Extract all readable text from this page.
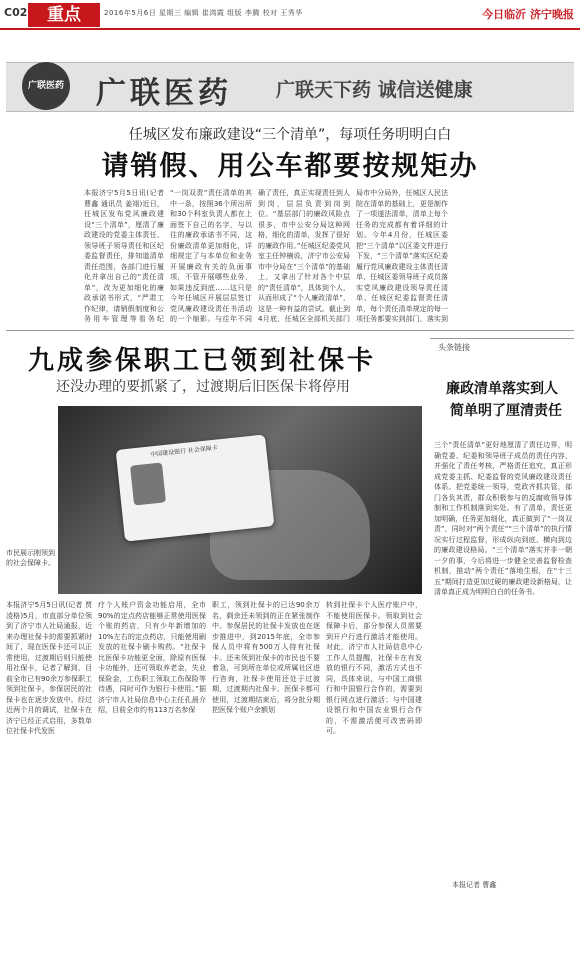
C02	重点	2016年5月6日 星期三 编辑 崔鸿霞 组版 李腾 校对 王秀华	今日临沂 济宁晚报
广联医药 广联医药 广联天下药 诚信送健康
任城区发布廉政建设“三个清单”，每项任务明明白白
请销假、用公车都要按规矩办
本报济宁5月5日讯(记者 曹鑫 通讯员 姜翊)近日，任城区发布党风廉政建设“三个清单”，厘清了廉政建设的党委主体责任、领导班子领导责任和区纪委监督责任，排知道清单责任范围，各部门进行履化并拿出自己的“责任清单”，改为更加细化的廉政承诺书形式，“严肃工作纪律，请销假制度和公务用车管理等看务纪
“一岗双责”责任清单的其中一条，按照36个所出所和30个科室负责人都在上面签下自己的名字，与以往的廉政承诺书不同，这份廉政清单更加细化，详细规定了与本单位和业务开展廉政有关的负面事项，不管开展哪些业务，如果违反到底……这只是今年任城区开展层层签订党风廉政建设责任书活动的一个缩影。与往年不同
确了责任，真正实现责任到人到岗，层层负责到岗到位。“基层部门的廉政风险点很多，市中公安分局这种网格，细化的清单，发挥了很好的廉政作用。”任城区纪委党风室主任钟楠说，济宁市公安局市中分局在“三个清单”的基础上，又拿出了针对各个中层的“责任清单”，具体到个人，从而形成了“个人廉政清单”，这是一种有益的尝试。截止到4月底，任城区全部机关部门
局市中分局外，任城区人民法院在清单的基础上，更是制作了一项遂法清单，清单上每个任务的完成都有着详细的计划。今年4月份，任城区委把“三个清单”以区委文件进行下发，“三个清单”落实区纪委履行党风廉政建设主体责任清单、任城区委领导班子成员落实党风廉政建设领导责任清单、任城区纪委监督责任清单，每个责任清单规定的每一项任务都要实到部门，落实到
九成参保职工已领到社保卡
还没办理的要抓紧了，过渡期后旧医保卡将停用
中国建设银行 社会保障卡
市民展示刚领到的社会保障卡。
本报济宁5月5日讯(记者 贾凌格)5月，市直部分单位领到了济宁市人社局通报，近来办理社保卡的需要抓紧时间了，现在医保卡还可以正常使用，过渡期后则只能使用社保卡，记者了解到，目前全市已有90余万参保职工领到社保卡，参保居民的社保卡也在逐步发放中。经过近两个月的调试，社保卡在济宁已经正式启用，多数单位社保卡代发医
疗个人账户资金功能启用，全市90%的定点药店能够正常使用医保个账的药店，只有少年新增加的10%左右的定点药店，只能使用刷发放的社保卡刷卡购药。“社保卡比医保卡功能更全面，除原有医保卡功能外，还可领取养老金，失业保险金，工伤职工领取工伤保险等待遇，同时可作为银行卡使用。”据济宁市人社局信息中心主任孔晨介绍，目前全市约有113万名参保
职工，领到社保卡的已达90余万名，剩余还未领到的正在紧张制作中。参保居民的社保卡发放也在逐步推进中，到2015年底，全市参保人员中将有500万人持有社保卡。还未领到社保卡的市民也不要着急，可到所在单位或所属社区进行咨询，社保卡使用还处于过渡期，过渡期内社保卡、医保卡都可使用，过渡期结束后，将分批分期把医保个账户余额划
转到社保卡个人医疗账户中，不能使用医保卡。领取到社会保障卡后，部分参保人员需要到开户行进行激活才能使用。对此，济宁市人社局信息中心工作人员提醒，社保卡在有发放的银行不同，激活方式也不同，具体来说，与中国工商银行和中国银行合作的，需要到银行网点进行激活；与中国建设银行和中国农业银行合作的，不需激活便可改密码即可。
头条链接
廉政清单落实到人
简单明了厘清责任
三个“责任清单”更好地厘清了责任边界，明确党委、纪委和领导班子成员的责任内容，并强化了责任考核，严格责任追究，真正形成党委主抓、纪委监督的党风廉政建设责任体系。把党委统一领导，党政齐抓共管，部门各负其责，群众积极参与的反腐败领导体制和工作机制落到实处。有了清单，责任更加明确，任务更加细化，真正做到了“一岗双责”，同时对“两个责任”“三个清单”的执行情况实行过程监督，形成纵向到底、横向到边的廉政建设格局。“三个清单”落实并非一朝一夕的事，今后将进一步健全完善监督检查机制，推动“两个责任”落地生根，在“十三五”期间打造更加过硬的廉政建设新格局，让清单真正成为明明白白的任务书。
本报记者 曹鑫
